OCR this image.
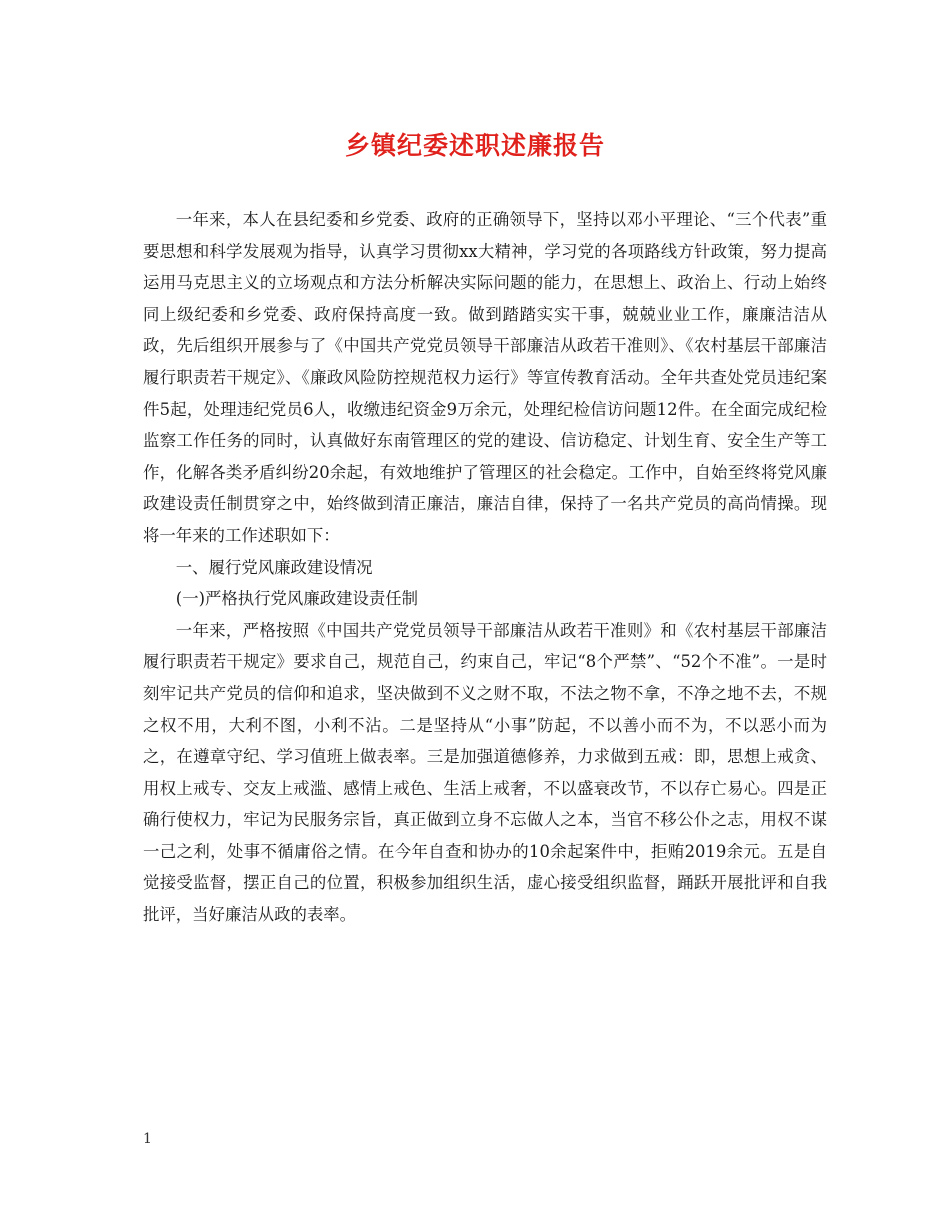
乡镇纪委述职述廉报告

一年来，本人在县纪委和乡党委、政府的正确领导下，坚持以邓小平理论、“三个代表”重要思想和科学发展观为指导，认真学习贯彻xx大精神，学习党的各项路线方针政策，努力提高运用马克思主义的立场观点和方法分析解决实际问题的能力，在思想上、政治上、行动上始终同上级纪委和乡党委、政府保持高度一致。做到踏踏实实干事，兢兢业业工作，廉廉洁洁从政，先后组织开展参与了《中国共产党党员领导干部廉洁从政若干准则》、《农村基层干部廉洁履行职责若干规定》、《廉政风险防控规范权力运行》等宣传教育活动。全年共查处党员违纪案件5起，处理违纪党员6人，收缴违纪资金9万余元，处理纪检信访问题12件。在全面完成纪检监察工作任务的同时，认真做好东南管理区的党的建设、信访稳定、计划生育、安全生产等工作，化解各类矛盾纠纷20余起，有效地维护了管理区的社会稳定。工作中，自始至终将党风廉政建设责任制贯穿之中，始终做到清正廉洁，廉洁自律，保持了一名共产党员的高尚情操。现将一年来的工作述职如下：

一、履行党风廉政建设情况

(一)严格执行党风廉政建设责任制

一年来，严格按照《中国共产党党员领导干部廉洁从政若干准则》和《农村基层干部廉洁履行职责若干规定》要求自己，规范自己，约束自己，牢记“8个严禁”、“52个不准”。一是时刻牢记共产党员的信仰和追求，坚决做到不义之财不取，不法之物不拿，不净之地不去，不规之权不用，大利不图，小利不沾。二是坚持从“小事”防起，不以善小而不为，不以恶小而为之，在遵章守纪、学习值班上做表率。三是加强道德修养，力求做到五戒：即，思想上戒贪、用权上戒专、交友上戒滥、感情上戒色、生活上戒奢，不以盛衰改节，不以存亡易心。四是正确行使权力，牢记为民服务宗旨，真正做到立身不忘做人之本，当官不移公仆之志，用权不谋一己之利，处事不循庸俗之情。在今年自查和协办的10余起案件中，拒贿2019余元。五是自觉接受监督，摆正自己的位置，积极参加组织生活，虚心接受组织监督，踊跃开展批评和自我批评，当好廉洁从政的表率。

1
